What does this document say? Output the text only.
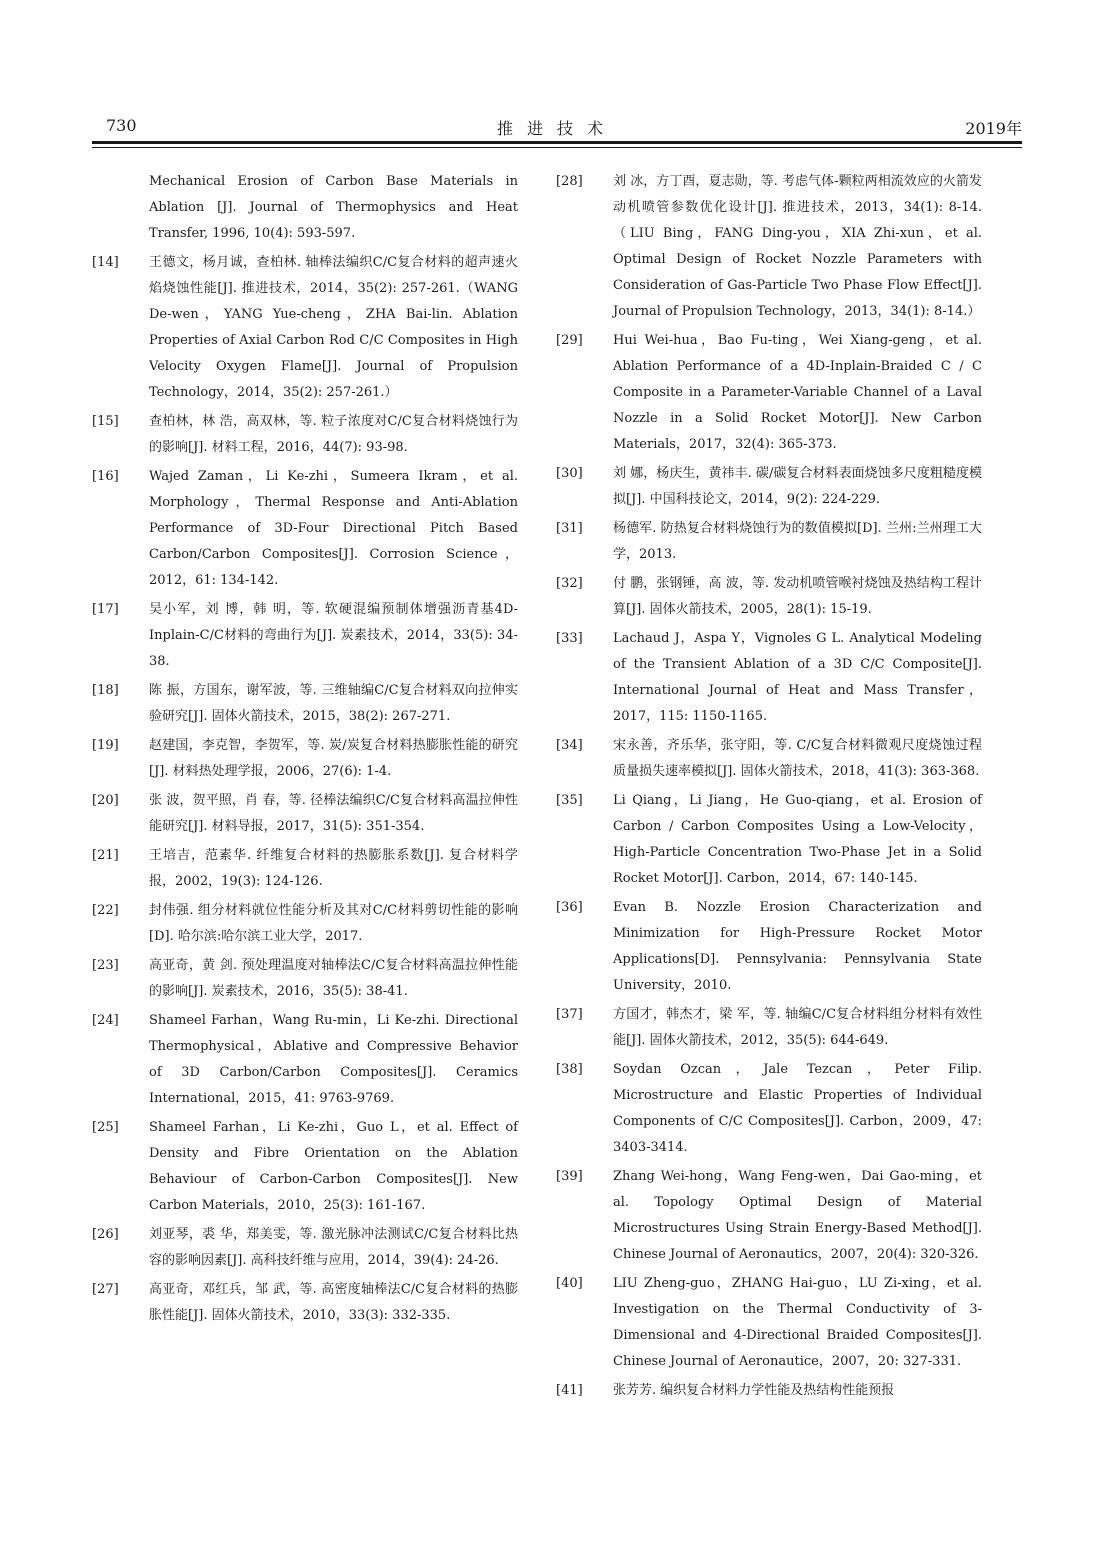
730	推进技术	2019年
Mechanical Erosion of Carbon Base Materials in Ablation [J]. Journal of Thermophysics and Heat Transfer, 1996, 10(4): 593-597.
[14] 王德文，杨月诚，查柏林. 轴棒法编织C/C复合材料的超声速火焰烧蚀性能[J]. 推进技术，2014，35(2): 257-261.（WANG De-wen，YANG Yue-cheng，ZHA Bai-lin. Ablation Properties of Axial Carbon Rod C/C Composites in High Velocity Oxygen Flame[J]. Journal of Propulsion Technology，2014，35(2): 257-261.）
[15] 查柏林，林 浩，高双林，等. 粒子浓度对C/C复合材料烧蚀行为的影响[J]. 材料工程，2016，44(7): 93-98.
[16] Wajed Zaman，Li Ke-zhi，Sumeera Ikram，et al. Morphology，Thermal Response and Anti-Ablation Performance of 3D-Four Directional Pitch Based Carbon/Carbon Composites[J]. Corrosion Science，2012，61: 134-142.
[17] 吴小军，刘 博，韩 明，等. 软硬混编预制体增强沥青基4D-Inplain-C/C材料的弯曲行为[J]. 炭素技术，2014，33(5): 34-38.
[18] 陈 振，方国东，谢军波，等. 三维轴编C/C复合材料双向拉伸实验研究[J]. 固体火箭技术，2015，38(2): 267-271.
[19] 赵建国，李克智，李贺军，等. 炭/炭复合材料热膨胀性能的研究[J]. 材料热处理学报，2006，27(6): 1-4.
[20] 张 波，贺平照，肖 春，等. 径棒法编织C/C复合材料高温拉伸性能研究[J]. 材料导报，2017，31(5): 351-354.
[21] 王培吉，范素华. 纤维复合材料的热膨胀系数[J]. 复合材料学报，2002，19(3): 124-126.
[22] 封伟强. 组分材料就位性能分析及其对C/C材料剪切性能的影响[D]. 哈尔滨:哈尔滨工业大学，2017.
[23] 高亚奇，黄 剑. 预处理温度对轴棒法C/C复合材料高温拉伸性能的影响[J]. 炭素技术，2016，35(5): 38-41.
[24] Shameel Farhan，Wang Ru-min，Li Ke-zhi. Directional Thermophysical，Ablative and Compressive Behavior of 3D Carbon/Carbon Composites[J]. Ceramics International，2015，41: 9763-9769.
[25] Shameel Farhan，Li Ke-zhi，Guo L，et al. Effect of Density and Fibre Orientation on the Ablation Behaviour of Carbon-Carbon Composites[J]. New Carbon Materials，2010，25(3): 161-167.
[26] 刘亚琴，裘 华，郑美雯，等. 激光脉冲法测试C/C复合材料比热容的影响因素[J]. 高科技纤维与应用，2014，39(4): 24-26.
[27] 高亚奇，邓红兵，邹 武，等. 高密度轴棒法C/C复合材料的热膨胀性能[J]. 固体火箭技术，2010，33(3): 332-335.
[28] 刘 冰，方丁酉，夏志勋，等. 考虑气体-颗粒两相流效应的火箭发动机喷管参数优化设计[J]. 推进技术，2013，34(1): 8-14.（LIU Bing，FANG Ding-you，XIA Zhi-xun，et al. Optimal Design of Rocket Nozzle Parameters with Consideration of Gas-Particle Two Phase Flow Effect[J]. Journal of Propulsion Technology，2013，34(1): 8-14.）
[29] Hui Wei-hua，Bao Fu-ting，Wei Xiang-geng，et al. Ablation Performance of a 4D-Inplain-Braided C / C Composite in a Parameter-Variable Channel of a Laval Nozzle in a Solid Rocket Motor[J]. New Carbon Materials，2017，32(4): 365-373.
[30] 刘 娜，杨庆生，黄祎丰. 碳/碳复合材料表面烧蚀多尺度粗糙度模拟[J]. 中国科技论文，2014，9(2): 224-229.
[31] 杨德军. 防热复合材料烧蚀行为的数值模拟[D]. 兰州:兰州理工大学，2013.
[32] 付 鹏，张钢锤，高 波，等. 发动机喷管喉衬烧蚀及热结构工程计算[J]. 固体火箭技术，2005，28(1): 15-19.
[33] Lachaud J，Aspa Y，Vignoles G L. Analytical Modeling of the Transient Ablation of a 3D C/C Composite[J]. International Journal of Heat and Mass Transfer，2017，115: 1150-1165.
[34] 宋永善，齐乐华，张守阳，等. C/C复合材料微观尺度烧蚀过程质量损失速率模拟[J]. 固体火箭技术，2018，41(3): 363-368.
[35] Li Qiang，Li Jiang，He Guo-qiang，et al. Erosion of Carbon / Carbon Composites Using a Low-Velocity，High-Particle Concentration Two-Phase Jet in a Solid Rocket Motor[J]. Carbon，2014，67: 140-145.
[36] Evan B. Nozzle Erosion Characterization and Minimization for High-Pressure Rocket Motor Applications[D]. Pennsylvania: Pennsylvania State University，2010.
[37] 方国才，韩杰才，梁 军，等. 轴编C/C复合材料组分材料有效性能[J]. 固体火箭技术，2012，35(5): 644-649.
[38] Soydan Ozcan，Jale Tezcan，Peter Filip. Microstructure and Elastic Properties of Individual Components of C/C Composites[J]. Carbon，2009，47: 3403-3414.
[39] Zhang Wei-hong，Wang Feng-wen，Dai Gao-ming，et al. Topology Optimal Design of Material Microstructures Using Strain Energy-Based Method[J]. Chinese Journal of Aeronautics，2007，20(4): 320-326.
[40] LIU Zheng-guo，ZHANG Hai-guo，LU Zi-xing，et al. Investigation on the Thermal Conductivity of 3-Dimensional and 4-Directional Braided Composites[J]. Chinese Journal of Aeronautice，2007，20: 327-331.
[41] 张芳芳. 编织复合材料力学性能及热结构性能预报
